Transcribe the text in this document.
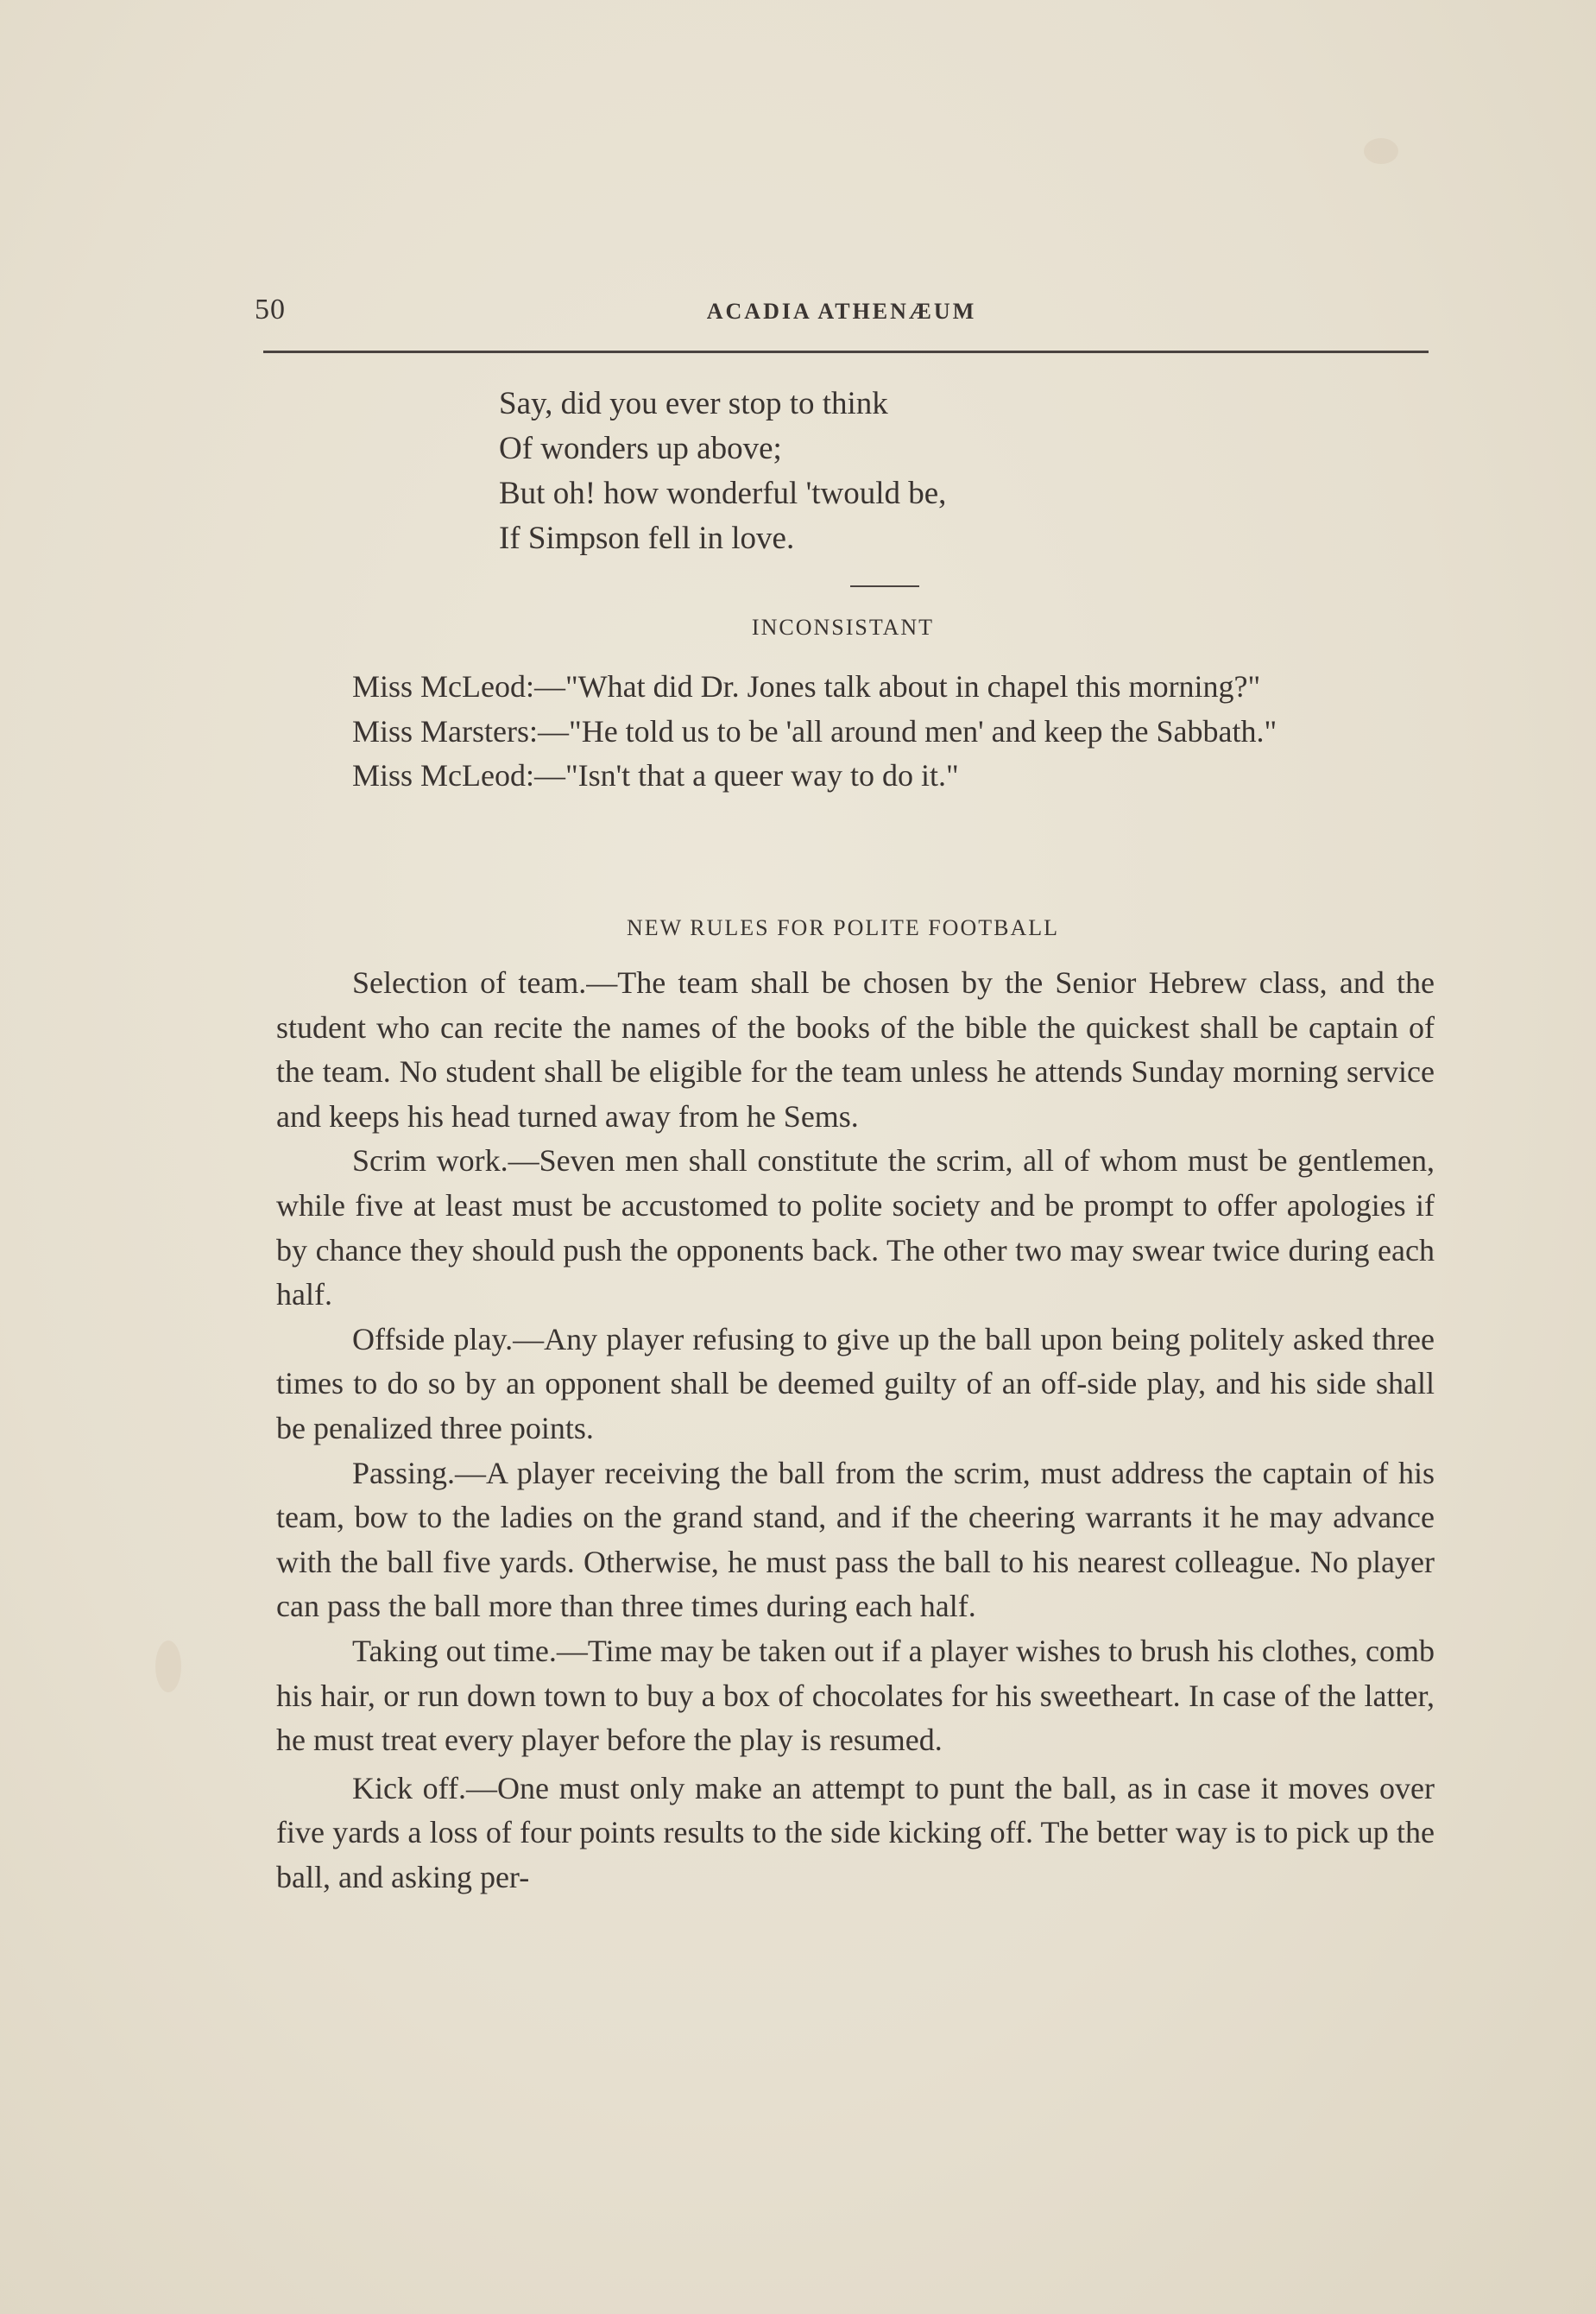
50	ACADIA ATHENÆUM
Say, did you ever stop to think
Of wonders up above;
But oh! how wonderful 'twould be,
If Simpson fell in love.
INCONSISTANT

Miss McLeod:—"What did Dr. Jones talk about in chapel this morning?"

Miss Marsters:—"He told us to be 'all around men' and keep the Sabbath."

Miss McLeod:—"Isn't that a queer way to do it."

NEW RULES FOR POLITE FOOTBALL

Selection of team.—The team shall be chosen by the Senior Hebrew class, and the student who can recite the names of the books of the bible the quickest shall be captain of the team. No student shall be eligible for the team unless he attends Sunday morning service and keeps his head turned away from he Sems.

Scrim work.—Seven men shall constitute the scrim, all of whom must be gentlemen, while five at least must be accustomed to polite society and be prompt to offer apologies if by chance they should push the opponents back. The other two may swear twice during each half.

Offside play.—Any player refusing to give up the ball upon being politely asked three times to do so by an opponent shall be deemed guilty of an off-side play, and his side shall be penalized three points.

Passing.—A player receiving the ball from the scrim, must address the captain of his team, bow to the ladies on the grand stand, and if the cheering warrants it he may advance with the ball five yards. Otherwise, he must pass the ball to his nearest colleague. No player can pass the ball more than three times during each half.

Taking out time.—Time may be taken out if a player wishes to brush his clothes, comb his hair, or run down town to buy a box of chocolates for his sweetheart. In case of the latter, he must treat every player before the play is resumed.

Kick off.—One must only make an attempt to punt the ball, as in case it moves over five yards a loss of four points results to the side kicking off. The better way is to pick up the ball, and asking per-
